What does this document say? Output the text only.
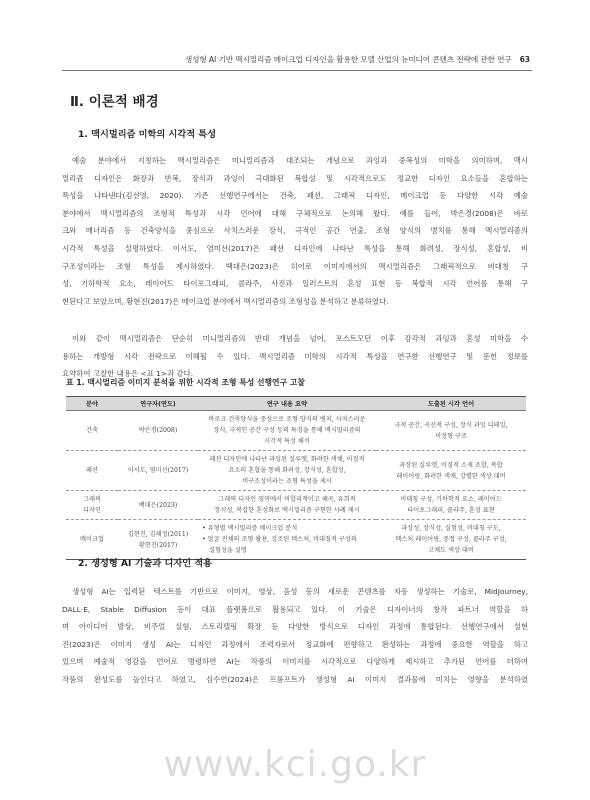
생성형 AI 기반 맥시멀리즘 메이크업 디자인을 활용한 모델 산업의 뉴미디어 콘텐츠 전략에 관한 연구 63
Ⅱ. 이론적 배경
1. 맥시멀리즘 미학의 시각적 특성
예술 분야에서 지칭하는 맥시멀리즘은 미니멀리즘과 대조되는 개념으로 과잉과 중복성의 미학을 의미하며, 맥시
멀리즘 디자인은 화장과 반복, 장식과 과잉이 극대화된 복합성 및 시각적으로도 정교한 디자인 요소들을 혼합하는
특성을 나타낸다(김선영, 2020). 기존 선행연구에서는 건축, 패션, 그래픽 디자인, 메이크업 등 다양한 시각 예술
분야에서 맥시멀리즘의 조형적 특성과 시각 언어에 대해 구체적으로 논의해 왔다. 예를 들어, 박은경(2008)은 바로
크와 매너리즘 등 건축양식을 중심으로 사치스러운 장식, 극적인 공간 연출, 조형 양식의 병치를 통해 맥시멀리즘의
시각적 특성을 설명하였다. 이서도, 염미선(2017)은 패션 디자인에 나타난 특성을 통해 화려성, 장식성, 혼합성, 비
구조성이라는 조형 특성을 제시하였다. 백대은(2023)은 히어로 이미지에서의 맥시멀리즘은 그래픽적으로 비대칭 구
성, 기하학적 요소, 레이어드 타이포그래피, 콜라주, 사진과 일러스트의 혼성 표현 등 복합적 시각 언어를 통해 구
현된다고 보았으며, 황현진(2017)은 메이크업 분야에서 맥시멀리즘의 조형성을 분석하고 분류하였다.
이와 같이 맥시멀리즘은 단순히 미니멀리즘의 반대 개념을 넘어, 포스트모던 이후 감각적 과잉과 혼성 미학을 수
용하는 개방형 시각 전략으로 이해될 수 있다. 맥시멀리즘 미학의 시각적 특성을 연구한 선행연구 및 문헌 정보를
요약하여 고찰한 내용은 <표 1>과 같다.
표 1. 맥시멀리즘 이미지 분석을 위한 시각적 조형 특성 선행연구 고찰
분야	연구자(연도)	연구 내용 요약	도출된 시각 언어

건축	박은경(2008)	바로크 건축양식을 중심으로 조형 양식의 병치, 사치스러운
장식, 극적인 공간 구성 등의 특징을 통해 맥시멀리즘의
시각적 특성 해석	극적 공간, 곡선적 구성, 장식 과잉 디테일,
비정형 구조

패션	이서도, 염미선(2017)	패션 디자인에 나타난 과잉된 실루엣, 화려한 색채, 이질적
요소의 혼합을 통해 화려성, 장식성, 혼합성,
비구조성이라는 조형 특성을 제시	과장된 실루엣, 이질적 소재 조합, 복합
레이어링, 화려한 색채, 강렬한 색상 대비

그래픽
디자인	백대은(2023)	그래픽 디자인 영역에서 비합리적이고 혜곡, 유희적
장식성, 복잡한 혼성화로 맥시멀리즘 구현한 사례 제시	비대칭 구성, 기하학적 요소, 레이어드
타이포그래피, 콜라주, 혼성 표현

메이크업	김현진, 김해정(2011)
황현진(2017)	• 유형별 맥시멀리즘 메이크업 분석
• 얼굴 전체의 조형 활용, 강조된 텍스처, 비대칭적 구성의
실험성을 설명	과장성, 장식성, 실험성, 비대칭 구도,
텍스처 레이어링, 중첩 구성, 콜라주 구성,
고채도 색상 대비
2. 생성형 AI 기술과 디자인 적용
생성형 AI는 입력된 텍스트를 기반으로 이미지, 영상, 음성 등의 새로운 콘텐츠를 자동 생성하는 기술로, MidJourney,
DALL·E, Stable Diffusion 등이 대표 플랫폼으로 활용되고 있다. 이 기술은 디자이너의 창작 파트너 역할을 하
며 아이디어 발상, 비주얼 실험, 스토리텔링 확장 등 다양한 방식으로 디자인 과정에 통합된다. 선행연구에서 설현
진(2023)은 이미지 생성 AI는 디자인 과정에서 조력자로서 정교화에 편향하고 완성하는 과정에 중요한 역할을 하고
있으며 예술적 영감을 언어로 명령하면 AI는 작품의 이미지를 시각적으로 다양하게 제시하고 추가된 언어를 더하여
작품의 완성도를 높인다고 하였고, 심수연(2024)은 프롬프트가 생성형 AI 이미지 결과물에 미치는 영향을 분석하였
www.kci.go.kr
